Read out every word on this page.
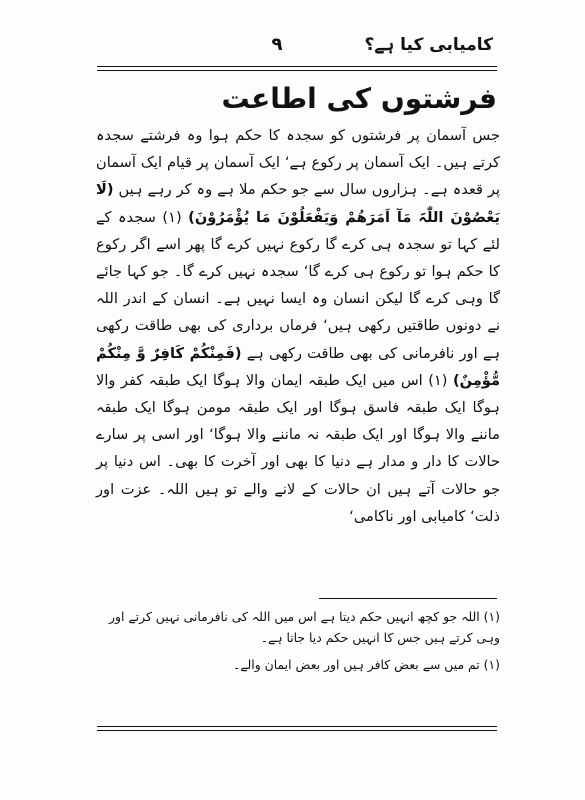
کامیابی کیا ہے؟
۹
فرشتوں کی اطاعت

جس آسمان پر فرشتوں کو سجدہ کا حکم ہوا وہ فرشتے سجدہ کرتے ہیں۔ ایک آسمان پر رکوع ہے‘ ایک آسمان پر قیام ایک آسمان پر قعدہ ہے۔ ہزاروں سال سے جو حکم ملا ہے وہ کر رہے ہیں (لَا یَعْصُوْنَ اللّٰہَ مَآ اَمَرَھُمْ وَیَفْعَلُوْنَ مَا یُؤْمَرُوْنَ) (۱) سجدہ کے لئے کہا تو سجدہ ہی کرے گا رکوع نہیں کرے گا پھر اسے اگر رکوع کا حکم ہوا تو رکوع ہی کرے گا‘ سجدہ نہیں کرے گا۔ جو کہا جائے گا وہی کرے گا لیکن انسان وہ ایسا نہیں ہے۔ انسان کے اندر اللہ نے دونوں طاقتیں رکھی ہیں‘ فرماں برداری کی بھی طاقت رکھی ہے اور نافرمانی کی بھی طاقت رکھی ہے (فَمِنْکُمْ کَافِرٌ وَّ مِنْکُمْ مُّؤْمِنٌ) (۱) اس میں ایک طبقہ ایمان والا ہوگا ایک طبقہ کفر والا ہوگا ایک طبقہ فاسق ہوگا اور ایک طبقہ مومن ہوگا ایک طبقہ ماننے والا ہوگا اور ایک طبقہ نہ ماننے والا ہوگا‘ اور اسی پر سارے حالات کا دار و مدار ہے دنیا کا بھی اور آخرت کا بھی۔ اس دنیا پر جو حالات آتے ہیں ان حالات کے لانے والے تو ہیں اللہ۔ عزت اور ذلت‘ کامیابی اور ناکامی‘

(۱) اللہ جو کچھ انہیں حکم دیتا ہے اس میں اللہ کی نافرمانی نہیں کرتے اور وہی کرتے ہیں جس کا انہیں حکم دیا جاتا ہے۔

(۱) تم میں سے بعض کافر ہیں اور بعض ایمان والے۔
